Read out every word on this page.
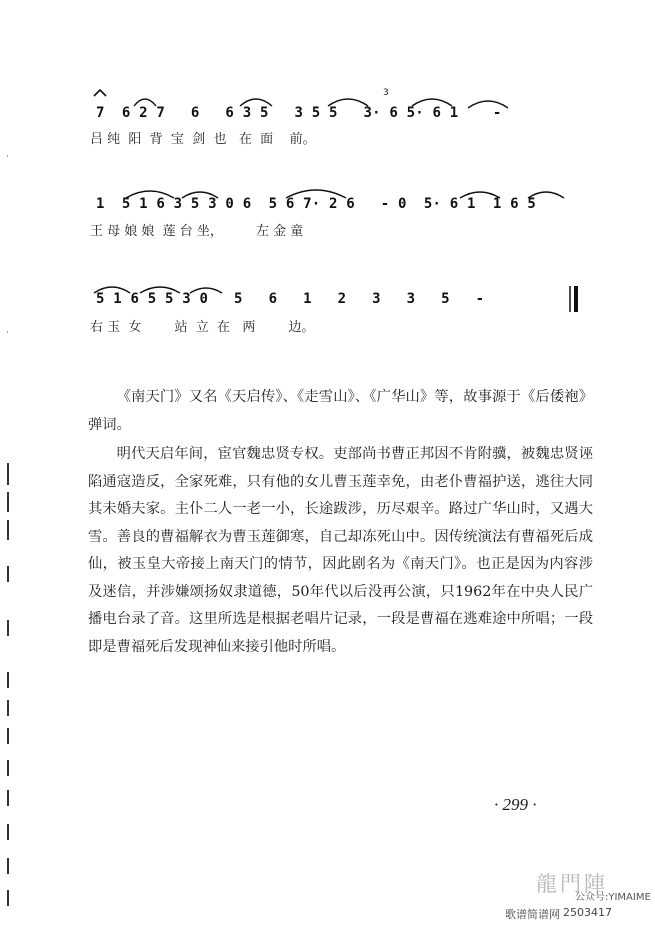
·
·
3
7  6 2 7   6   6 3 5   3 5 5   3· 6 5· 6 1    -
吕 纯  阳  背  宝  剑  也   在  面    前。
1  5 1 6 3 5 3 0 6  5 6 7· 2 6   - 0  5· 6 1  1 6 5
王 母 娘 娘  莲 台 坐，        左 金 童
5 1 6 5 5 3 0   5   6   1   2   3   3   5   -
右 玉  女        站  立  在   两        边。
《南天门》又名《天启传》、《走雪山》、《广华山》等，故事源于《后倭袍》弹词。
明代天启年间，宦官魏忠贤专权。吏部尚书曹正邦因不肯附骥，被魏忠贤诬陷通寇造反，全家死难，只有他的女儿曹玉莲幸免，由老仆曹福护送，逃往大同其未婚夫家。主仆二人一老一小，长途跋涉，历尽艰辛。路过广华山时，又遇大雪。善良的曹福解衣为曹玉莲御寒，自己却冻死山中。因传统演法有曹福死后成仙，被玉皇大帝接上南天门的情节，因此剧名为《南天门》。也正是因为内容涉及迷信，并涉嫌颂扬奴隶道德，50年代以后没再公演，只1962年在中央人民广播电台录了音。这里所选是根据老唱片记录，一段是曹福在逃难途中所唱；一段即是曹福死后发现神仙来接引他时所唱。
· 299 ·
龍門陣
公众号:YIMAIME
歌谱简谱网 2503417
